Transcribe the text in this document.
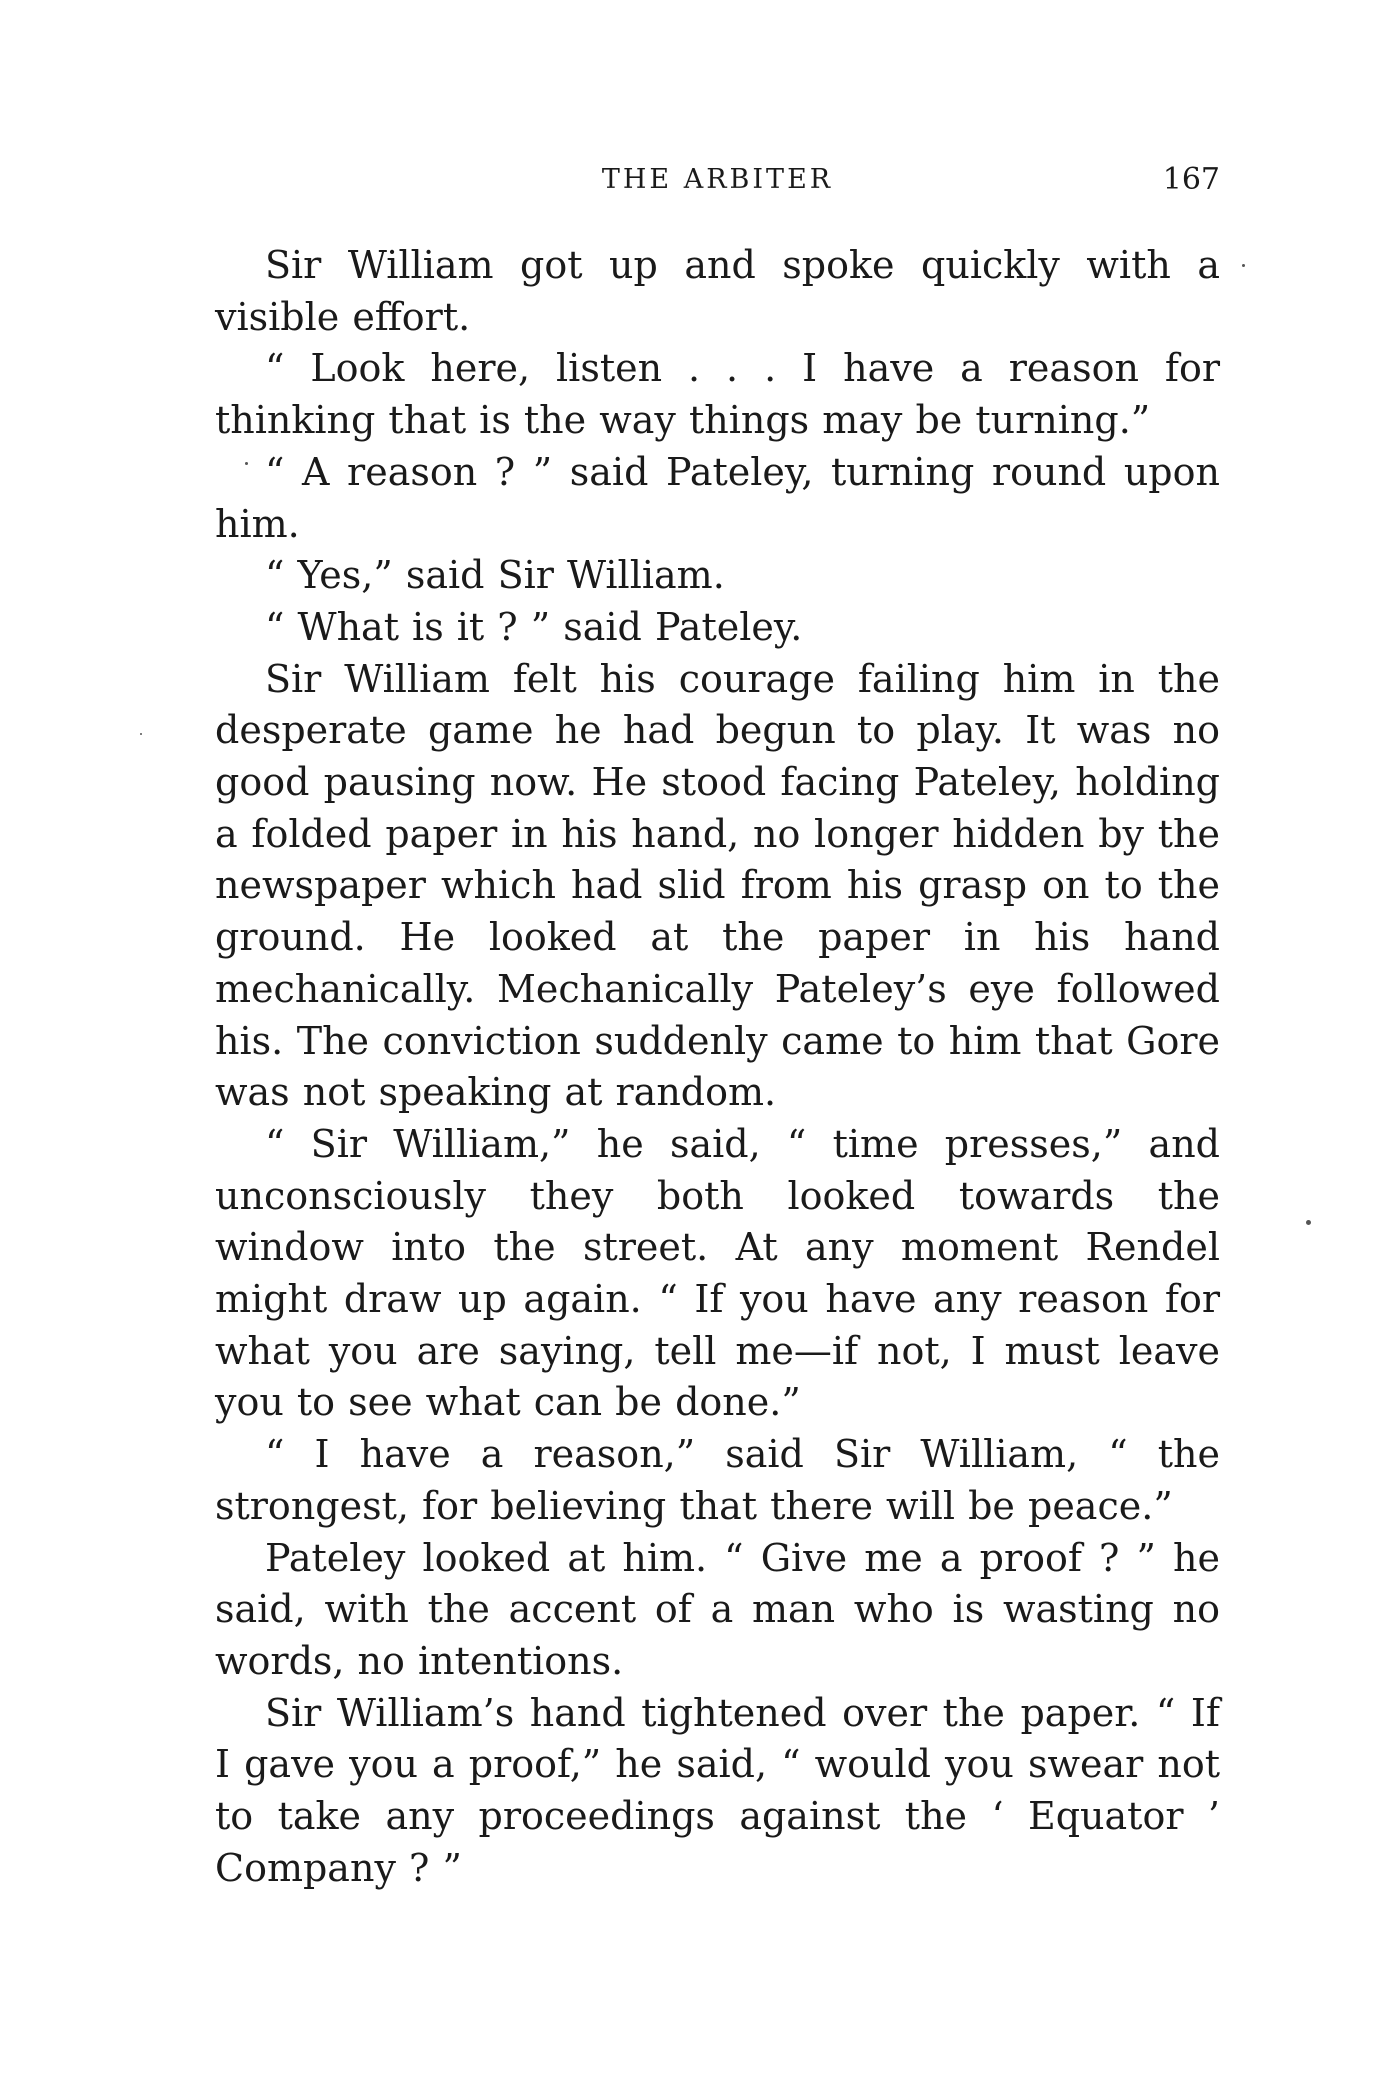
THE ARBITER	167

Sir William got up and spoke quickly with a visible effort.

“ Look here, listen . . . I have a reason for thinking that is the way things may be turning.”

“ A reason ? ” said Pateley, turning round upon him.

“ Yes,” said Sir William.

“ What is it ? ” said Pateley.

Sir William felt his courage failing him in the desperate game he had begun to play. It was no good pausing now. He stood facing Pateley, holding a folded paper in his hand, no longer hidden by the newspaper which had slid from his grasp on to the ground. He looked at the paper in his hand mechanically. Mechanically Pateley’s eye followed his. The conviction suddenly came to him that Gore was not speaking at random.

“ Sir William,” he said, “ time presses,” and unconsciously they both looked towards the window into the street. At any moment Rendel might draw up again. “ If you have any reason for what you are saying, tell me—if not, I must leave you to see what can be done.”

“ I have a reason,” said Sir William, “ the strongest, for believing that there will be peace.”

Pateley looked at him. “ Give me a proof ? ” he said, with the accent of a man who is wasting no words, no intentions.

Sir William’s hand tightened over the paper. “ If I gave you a proof,” he said, “ would you swear not to take any proceedings against the ‘ Equator ’ Company ? ”
